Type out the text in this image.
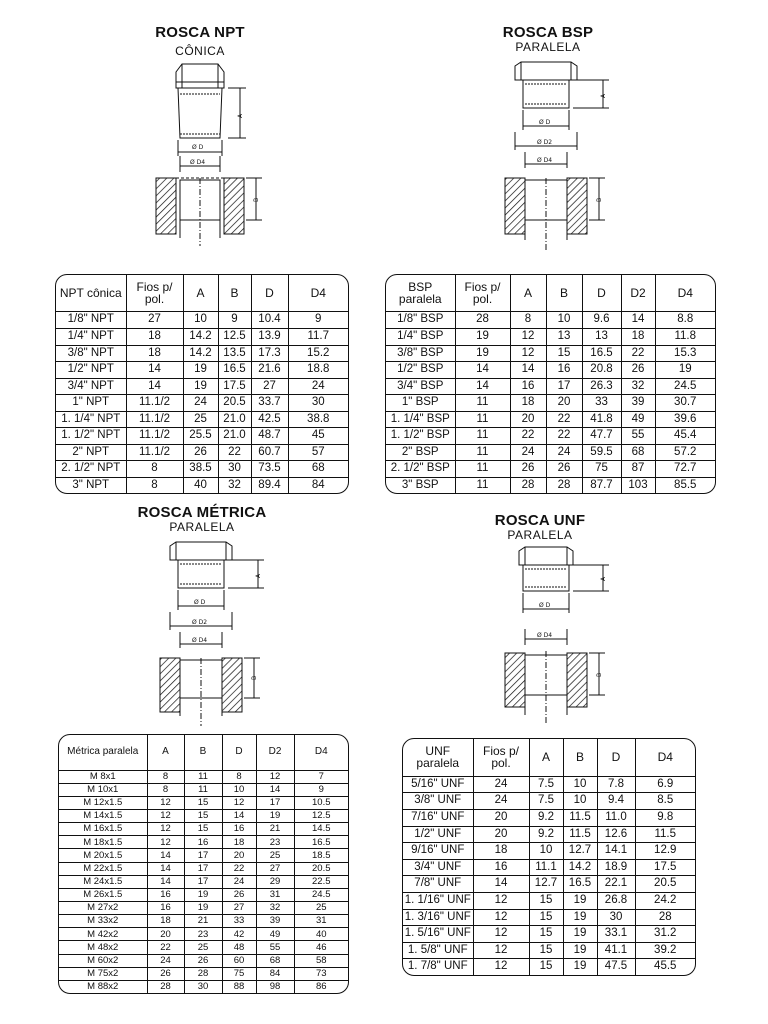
ROSCA NPT
CÔNICA
A
Ø D
Ø D4
B
NPT cônica	Fios p/ pol.	A	B	D	D4
1/8" NPT	27	10	9	10.4	9
1/4" NPT	18	14.2	12.5	13.9	11.7
3/8" NPT	18	14.2	13.5	17.3	15.2
1/2" NPT	14	19	16.5	21.6	18.8
3/4" NPT	14	19	17.5	27	24
1" NPT	11.1/2	24	20.5	33.7	30
1. 1/4" NPT	11.1/2	25	21.0	42.5	38.8
1. 1/2" NPT	11.1/2	25.5	21.0	48.7	45
2" NPT	11.1/2	26	22	60.7	57
2. 1/2" NPT	8	38.5	30	73.5	68
3" NPT	8	40	32	89.4	84
ROSCA BSP
PARALELA
A
Ø D
Ø D2
Ø D4
B
BSP paralela	Fios p/ pol.	A	B	D	D2	D4
1/8" BSP	28	8	10	9.6	14	8.8
1/4" BSP	19	12	13	13	18	11.8
3/8" BSP	19	12	15	16.5	22	15.3
1/2" BSP	14	14	16	20.8	26	19
3/4" BSP	14	16	17	26.3	32	24.5
1" BSP	11	18	20	33	39	30.7
1. 1/4" BSP	11	20	22	41.8	49	39.6
1. 1/2" BSP	11	22	22	47.7	55	45.4
2" BSP	11	24	24	59.5	68	57.2
2. 1/2" BSP	11	26	26	75	87	72.7
3" BSP	11	28	28	87.7	103	85.5
ROSCA MÉTRICA
PARALELA
A
Ø D
Ø D2
Ø D4
B
Métrica paralela	A	B	D	D2	D4
M 8x1	8	11	8	12	7
M 10x1	8	11	10	14	9
M 12x1.5	12	15	12	17	10.5
M 14x1.5	12	15	14	19	12.5
M 16x1.5	12	15	16	21	14.5
M 18x1.5	12	16	18	23	16.5
M 20x1.5	14	17	20	25	18.5
M 22x1.5	14	17	22	27	20.5
M 24x1.5	14	17	24	29	22.5
M 26x1.5	16	19	26	31	24.5
M 27x2	16	19	27	32	25
M 33x2	18	21	33	39	31
M 42x2	20	23	42	49	40
M 48x2	22	25	48	55	46
M 60x2	24	26	60	68	58
M 75x2	26	28	75	84	73
M 88x2	28	30	88	98	86
ROSCA UNF
PARALELA
A
Ø D
Ø D4
B
UNF paralela	Fios p/ pol.	A	B	D	D4
5/16" UNF	24	7.5	10	7.8	6.9
3/8" UNF	24	7.5	10	9.4	8.5
7/16" UNF	20	9.2	11.5	11.0	9.8
1/2" UNF	20	9.2	11.5	12.6	11.5
9/16" UNF	18	10	12.7	14.1	12.9
3/4" UNF	16	11.1	14.2	18.9	17.5
7/8" UNF	14	12.7	16.5	22.1	20.5
1. 1/16" UNF	12	15	19	26.8	24.2
1. 3/16" UNF	12	15	19	30	28
1. 5/16" UNF	12	15	19	33.1	31.2
1. 5/8" UNF	12	15	19	41.1	39.2
1. 7/8" UNF	12	15	19	47.5	45.5
